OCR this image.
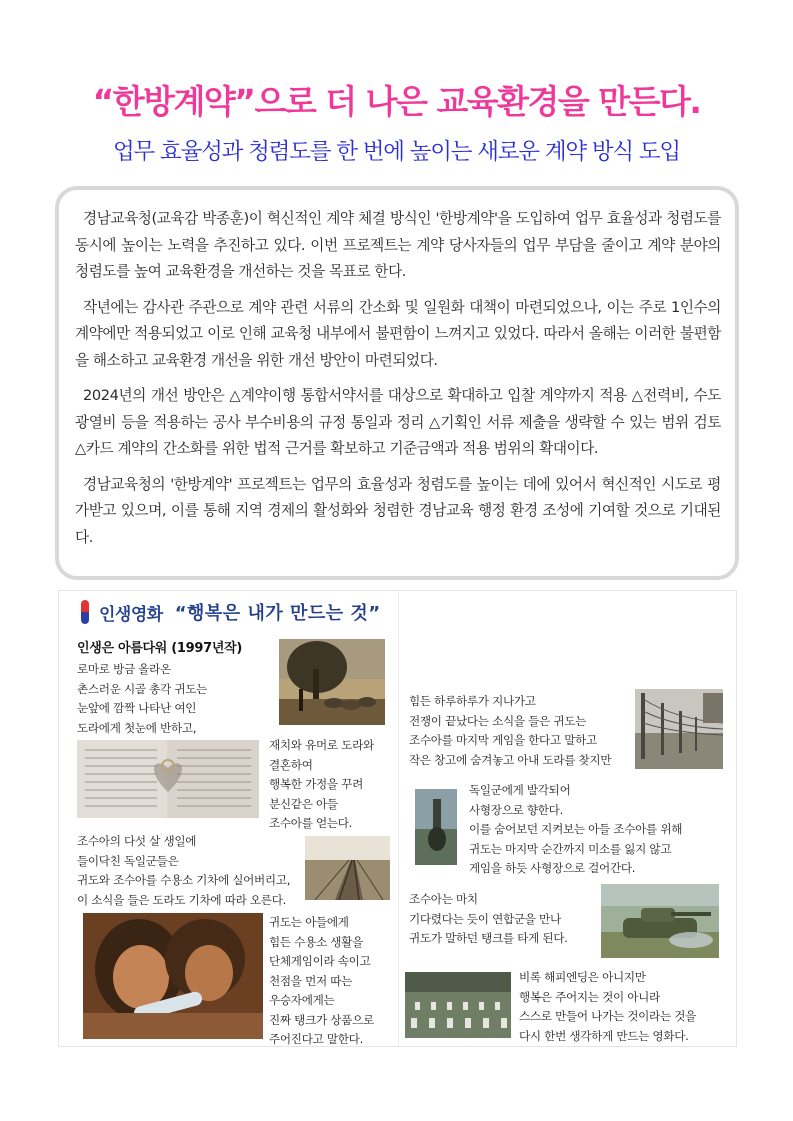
“한방계약”으로 더 나은 교육환경을 만든다.
업무 효율성과 청렴도를 한 번에 높이는 새로운 계약 방식 도입

경남교육청(교육감 박종훈)이 혁신적인 계약 체결 방식인 '한방계약'을 도입하여 업무 효율성과 청렴도를 동시에 높이는 노력을 추진하고 있다. 이번 프로젝트는 계약 당사자들의 업무 부담을 줄이고 계약 분야의 청렴도를 높여 교육환경을 개선하는 것을 목표로 한다.

작년에는 감사관 주관으로 계약 관련 서류의 간소화 및 일원화 대책이 마련되었으나, 이는 주로 1인수의 계약에만 적용되었고 이로 인해 교육청 내부에서 불편함이 느껴지고 있었다. 따라서 올해는 이러한 불편함을 해소하고 교육환경 개선을 위한 개선 방안이 마련되었다.

2024년의 개선 방안은 △계약이행 통합서약서를 대상으로 확대하고 입찰 계약까지 적용 △전력비, 수도광열비 등을 적용하는 공사 부수비용의 규정 통일과 정리 △기획인 서류 제출을 생략할 수 있는 범위 검토 △카드 계약의 간소화를 위한 법적 근거를 확보하고 기준금액과 적용 범위의 확대이다.

경남교육청의 '한방계약' 프로젝트는 업무의 효율성과 청렴도를 높이는 데에 있어서 혁신적인 시도로 평가받고 있으며, 이를 통해 지역 경제의 활성화와 청렴한 경남교육 행정 환경 조성에 기여할 것으로 기대된다.

인생영화 “행복은 내가 만드는 것”
인생은 아름다워 (1997년작)
로마로 방금 올라온
촌스러운 시골 총각 귀도는
눈앞에 깜짝 나타난 여인
도라에게 첫눈에 반하고,
재치와 유머로 도라와
결혼하여
행복한 가정을 꾸려
분신같은 아들
조수아를 얻는다.
조수아의 다섯 살 생일에
들이닥친 독일군들은
귀도와 조수아를 수용소 기차에 실어버리고,
이 소식을 들은 도라도 기차에 따라 오른다.
귀도는 아들에게
힘든 수용소 생활을
단체게임이라 속이고
천점을 먼저 따는
우승자에게는
진짜 탱크가 상품으로
주어진다고 말한다.
힘든 하루하루가 지나가고
전쟁이 끝났다는 소식을 들은 귀도는
조수아를 마지막 게임을 한다고 말하고
작은 창고에 숨겨놓고 아내 도라를 찾지만
독일군에게 발각되어
사형장으로 향한다.
이를 숨어보던 지켜보는 아들 조수아를 위해
귀도는 마지막 순간까지 미소를 잃지 않고
게임을 하듯 사형장으로 걸어간다.
조수아는 마치
기다렸다는 듯이 연합군을 만나
귀도가 말하던 탱크를 타게 된다.
비록 해피엔딩은 아니지만
행복은 주어지는 것이 아니라
스스로 만들어 나가는 것이라는 것을
다시 한번 생각하게 만드는 영화다.
